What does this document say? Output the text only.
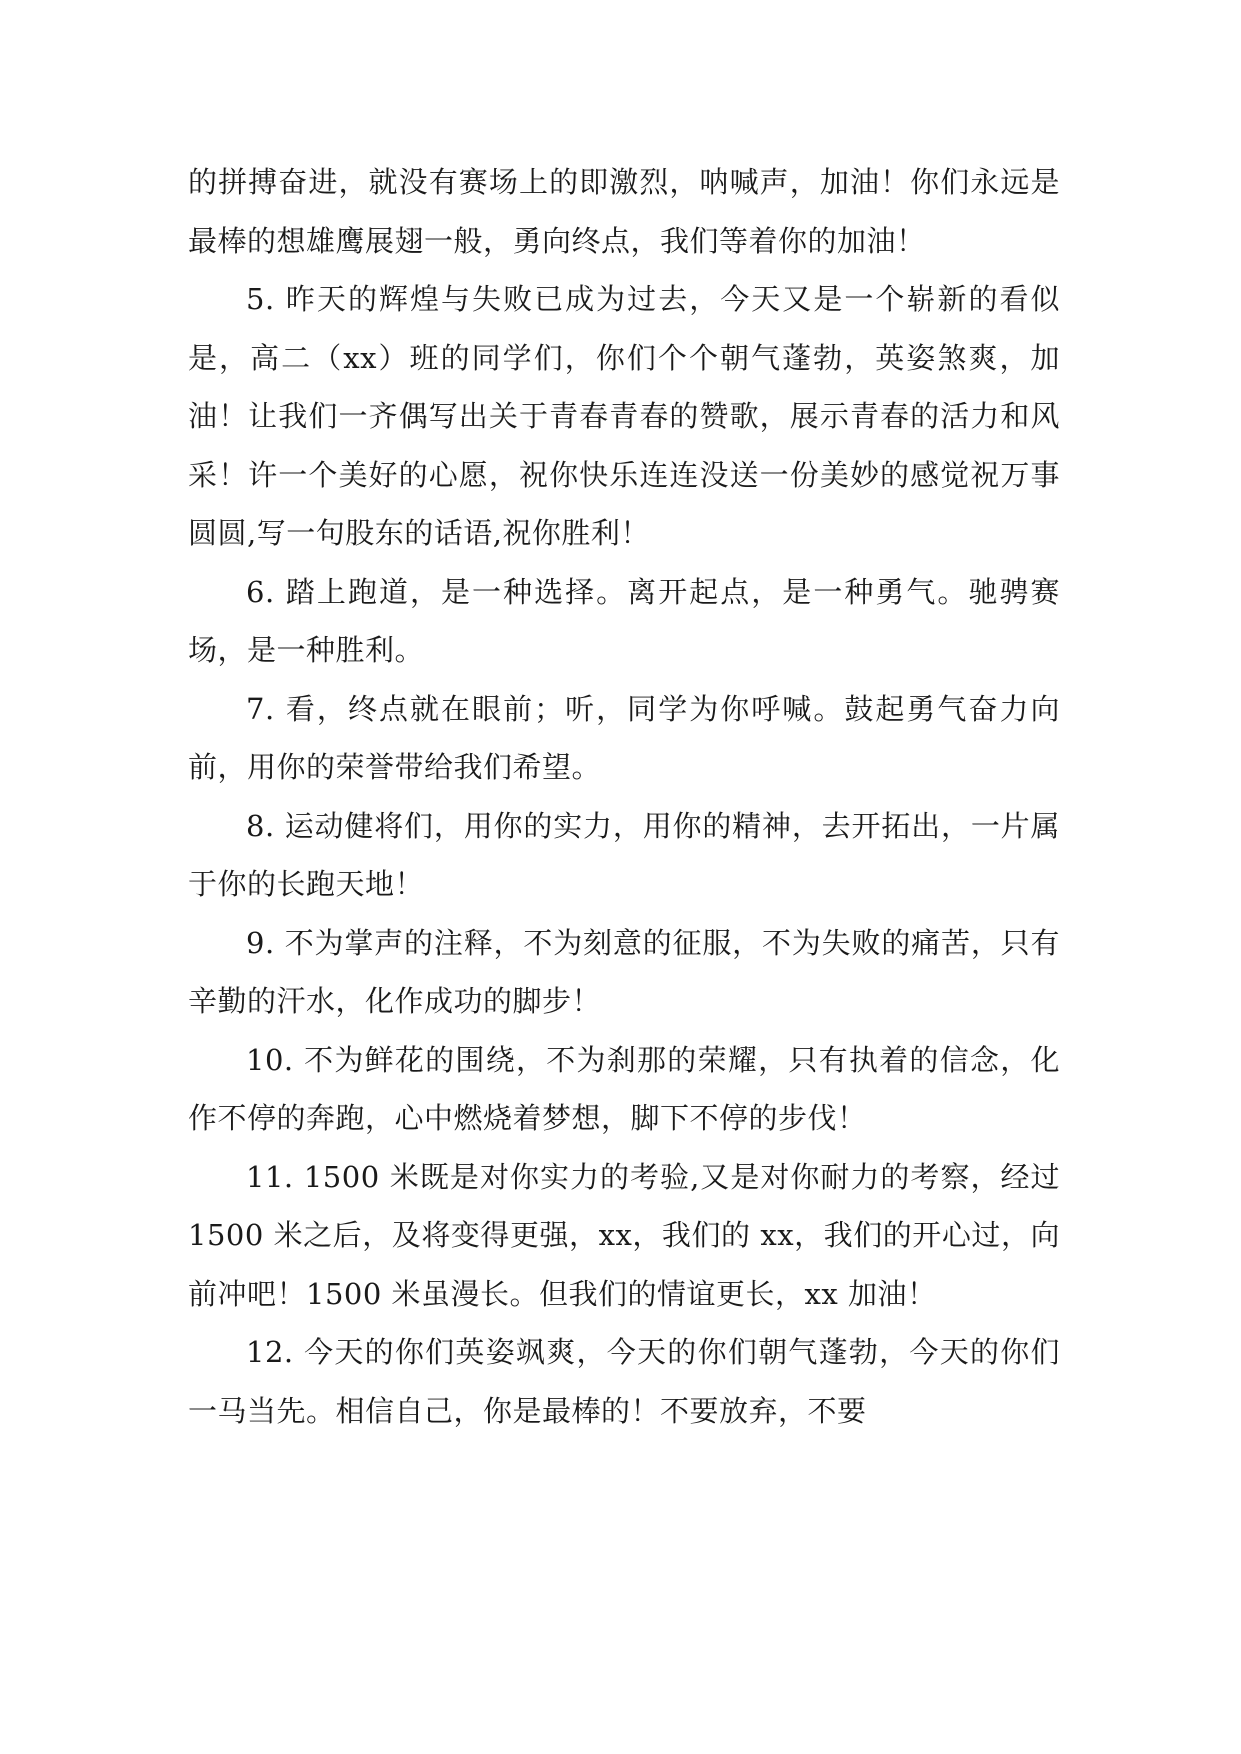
的拼搏奋进，就没有赛场上的即激烈，呐喊声，加油！你们永远是最棒的想雄鹰展翅一般，勇向终点，我们等着你的加油！

5. 昨天的辉煌与失败已成为过去，今天又是一个崭新的看似是，高二（xx）班的同学们，你们个个朝气蓬勃，英姿煞爽，加油！让我们一齐偶写出关于青春青春的赞歌，展示青春的活力和风采！许一个美好的心愿，祝你快乐连连没送一份美妙的感觉祝万事圆圆,写一句股东的话语,祝你胜利！

6. 踏上跑道，是一种选择。离开起点，是一种勇气。驰骋赛场，是一种胜利。

7. 看，终点就在眼前；听，同学为你呼喊。鼓起勇气奋力向前，用你的荣誉带给我们希望。

8. 运动健将们，用你的实力，用你的精神，去开拓出，一片属于你的长跑天地！

9. 不为掌声的注释，不为刻意的征服，不为失败的痛苦，只有辛勤的汗水，化作成功的脚步！

10. 不为鲜花的围绕，不为刹那的荣耀，只有执着的信念，化作不停的奔跑，心中燃烧着梦想，脚下不停的步伐！

11. 1500 米既是对你实力的考验,又是对你耐力的考察，经过 1500 米之后，及将变得更强，xx，我们的 xx，我们的开心过，向前冲吧！1500 米虽漫长。但我们的情谊更长，xx 加油！

12. 今天的你们英姿飒爽，今天的你们朝气蓬勃，今天的你们一马当先。相信自己，你是最棒的！不要放弃，不要
